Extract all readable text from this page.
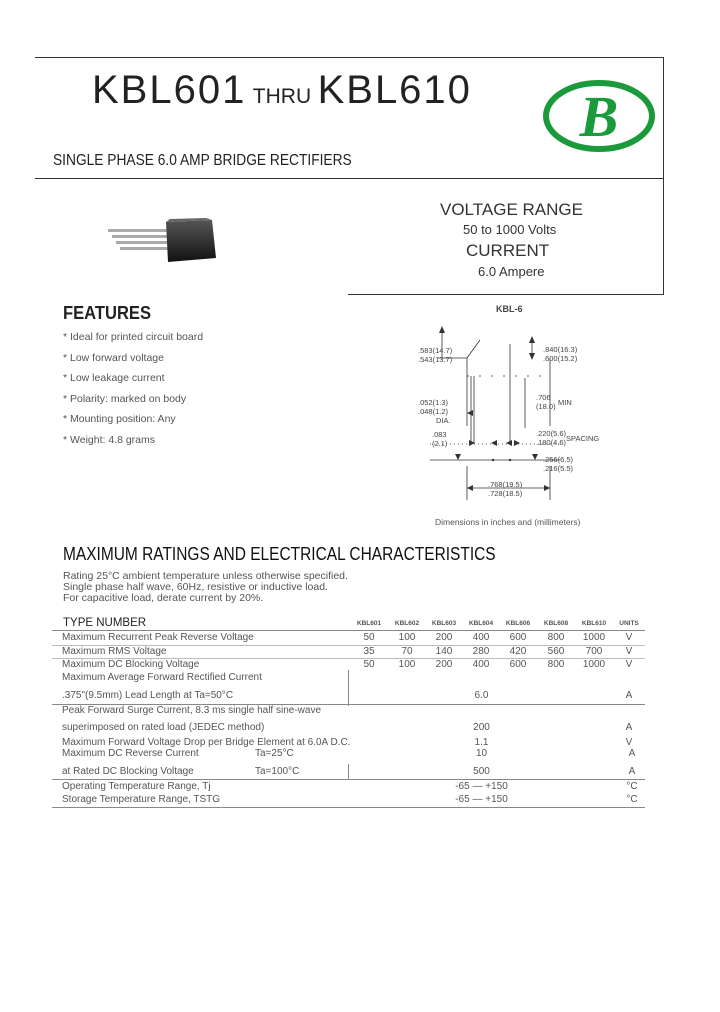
KBL601 THRU KBL610 B
SINGLE PHASE 6.0 AMP BRIDGE RECTIFIERS
VOLTAGE RANGE
50 to 1000 Volts
CURRENT
6.0 Ampere
FEATURES
* Ideal for printed circuit board
* Low forward voltage
* Low leakage current
* Polarity: marked on body
* Mounting position: Any
* Weight: 4.8 grams
KBL-6
.583(14.7)
.543(13.7)
.840(16.3)
.600(15.2)
.706
(18.0) MIN
.052(1.3)
.048(1.2)
DIA.
.083
(2.1)
.220(5.6)
.180(4.6) SPACING
.256(6.5)
.216(5.5)
.768(19.5)
.728(18.5)
Dimensions in inches and (millimeters)
MAXIMUM RATINGS AND ELECTRICAL CHARACTERISTICS
Rating 25°C ambient temperature unless otherwise specified.
Single phase half wave, 60Hz, resistive or inductive load.
For capacitive load, derate current by 20%.
TYPE NUMBER	KBL601	KBL602	KBL603	KBL604	KBL606	KBL608	KBL610	UNITS
Maximum Recurrent Peak Reverse Voltage	50	100	200	400	600	800	1000	V
Maximum RMS Voltage	35	70	140	280	420	560	700	V
Maximum DC Blocking Voltage	50	100	200	400	600	800	1000	V
Maximum Average Forward Rectified Current
.375"(9.5mm) Lead Length at Ta=50°C	6.0	A
Peak Forward Surge Current, 8.3 ms single half sine-wave
superimposed on rated load (JEDEC method)	200	A
Maximum Forward Voltage Drop per Bridge Element at 6.0A D.C.	1.1	V
Maximum DC Reverse Current	Ta=25°C	10	A
at Rated DC Blocking Voltage	Ta=100°C	500	A
Operating Temperature Range, Tj	-65 — +150	°C
Storage Temperature Range, TSTG	-65 — +150	°C
